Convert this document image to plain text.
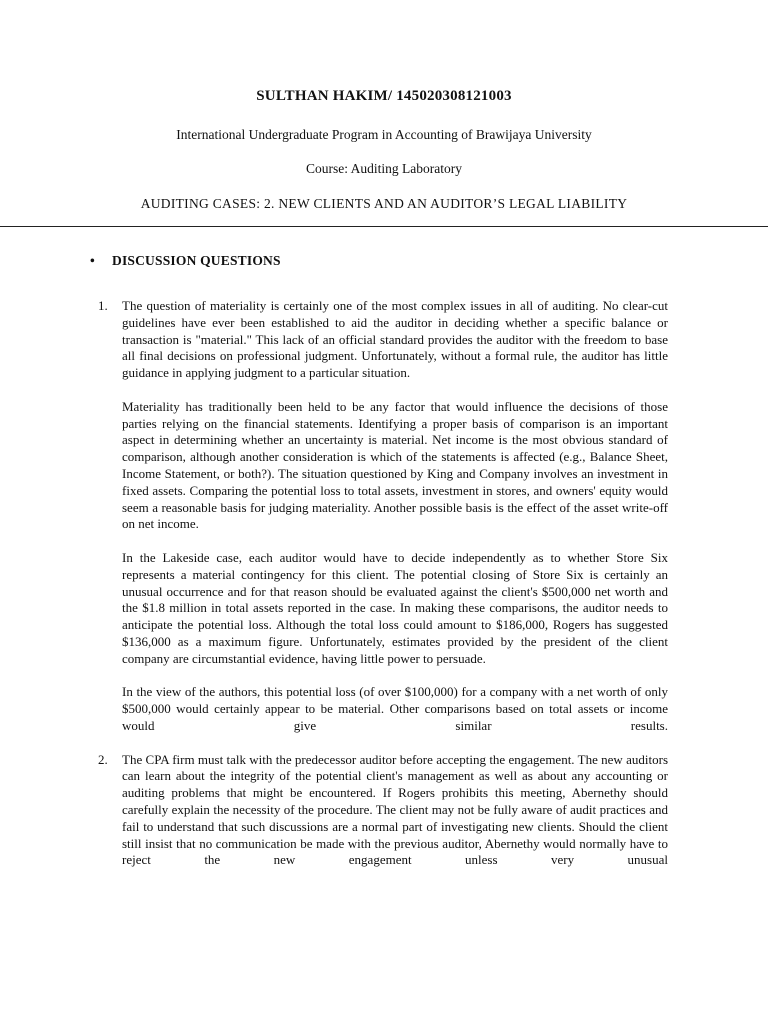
SULTHAN HAKIM/ 145020308121003
International Undergraduate Program in Accounting of Brawijaya University
Course: Auditing Laboratory
AUDITING CASES: 2. NEW CLIENTS AND AN AUDITOR’S LEGAL LIABILITY
• DISCUSSION QUESTIONS
1. The question of materiality is certainly one of the most complex issues in all of auditing. No clear-cut guidelines have ever been established to aid the auditor in deciding whether a specific balance or transaction is "material." This lack of an official standard provides the auditor with the freedom to base all final decisions on professional judgment. Unfortunately, without a formal rule, the auditor has little guidance in applying judgment to a particular situation.

Materiality has traditionally been held to be any factor that would influence the decisions of those parties relying on the financial statements. Identifying a proper basis of comparison is an important aspect in determining whether an uncertainty is material. Net income is the most obvious standard of comparison, although another consideration is which of the statements is affected (e.g., Balance Sheet, Income Statement, or both?). The situation questioned by King and Company involves an investment in fixed assets. Comparing the potential loss to total assets, investment in stores, and owners' equity would seem a reasonable basis for judging materiality. Another possible basis is the effect of the asset write-off on net income.

In the Lakeside case, each auditor would have to decide independently as to whether Store Six represents a material contingency for this client. The potential closing of Store Six is certainly an unusual occurrence and for that reason should be evaluated against the client's $500,000 net worth and the $1.8 million in total assets reported in the case. In making these comparisons, the auditor needs to anticipate the potential loss. Although the total loss could amount to $186,000, Rogers has suggested $136,000 as a maximum figure. Unfortunately, estimates provided by the president of the client company are circumstantial evidence, having little power to persuade.

In the view of the authors, this potential loss (of over $100,000) for a company with a net worth of only $500,000 would certainly appear to be material. Other comparisons based on total assets or income would give similar results.

2. The CPA firm must talk with the predecessor auditor before accepting the engagement. The new auditors can learn about the integrity of the potential client's management as well as about any accounting or auditing problems that might be encountered. If Rogers prohibits this meeting, Abernethy should carefully explain the necessity of the procedure. The client may not be fully aware of audit practices and fail to understand that such discussions are a normal part of investigating new clients. Should the client still insist that no communication be made with the previous auditor, Abernethy would normally have to reject the new engagement unless very unusual
